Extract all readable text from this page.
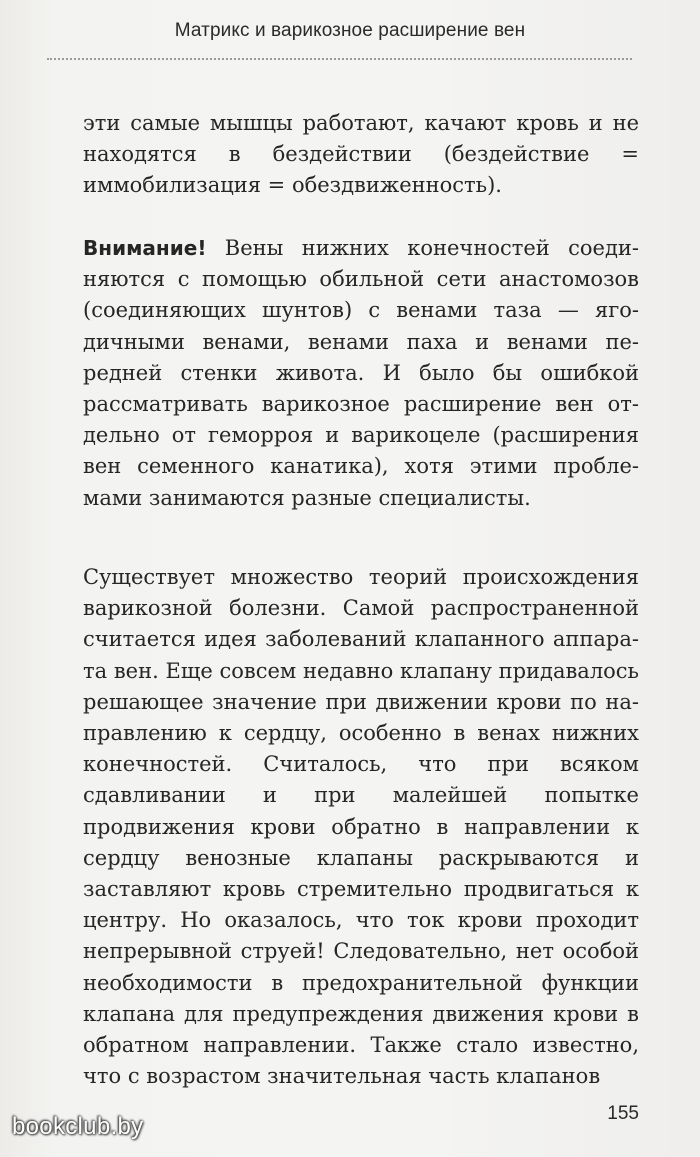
Матрикс и варикозное расширение вен

эти самые мышцы работают, качают кровь и не находятся в бездействии (бездействие = иммобилизация = обездвиженность).

Внимание! Вены нижних конечностей соединяются с помощью обильной сети анастомозов (соединяющих шунтов) с венами таза — ягодичными венами, венами паха и венами передней стенки живота. И было бы ошибкой рассматривать варикозное расширение вен отдельно от геморроя и варикоцеле (расширения вен семенного канатика), хотя этими проблемами занимаются разные специалисты.

Существует множество теорий происхождения варикозной болезни. Самой распространенной считается идея заболеваний клапанного аппарата вен. Еще совсем недавно клапану придавалось решающее значение при движении крови по направлению к сердцу, особенно в венах нижних конечностей. Считалось, что при всяком сдавливании и при малейшей попытке продвижения крови обратно в направлении к сердцу венозные клапаны раскрываются и заставляют кровь стремительно продвигаться к центру. Но оказалось, что ток крови проходит непрерывной струей! Следовательно, нет особой необходимости в предохранительной функции клапана для предупреждения движения крови в обратном направлении. Также стало известно, что с возрастом значительная часть клапанов

bookclub.by	155
